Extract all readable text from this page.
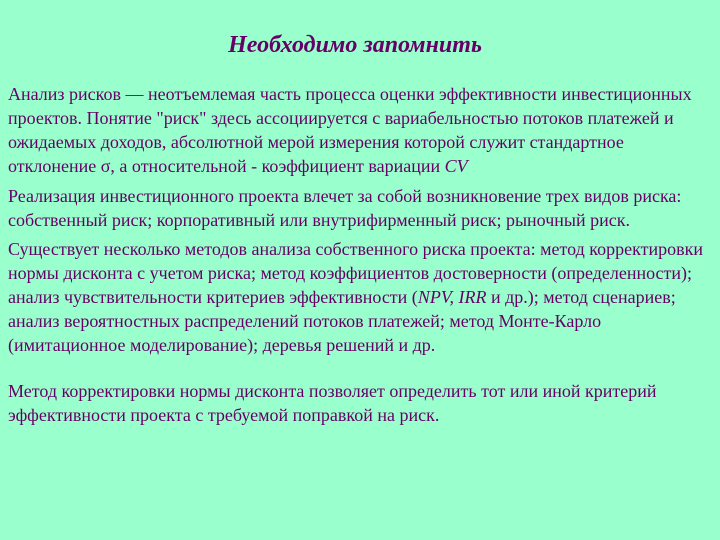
Необходимо запомнить

Анализ рисков — неотъемлемая часть процесса оценки эффективности инвестиционных проектов. Понятие "риск" здесь ассоциируется с вариабельностью потоков платежей и ожидаемых доходов, абсолютной мерой измерения которой служит стандартное отклонение σ, а относительной - коэффициент вариации CV

Реализация инвестиционного проекта влечет за собой возникновение трех видов риска: собственный риск; корпоративный или внутрифирменный риск; рыночный риск.

Существует несколько методов анализа собственного риска проекта: метод корректировки нормы дисконта с учетом риска; метод коэффициентов достоверности (определенности); анализ чувствительности критериев эффективности (NPV, IRR и др.); метод сценариев; анализ вероятностных распределений потоков платежей; метод Монте-Карло (имитационное моделирование); деревья решений и др.

Метод корректировки нормы дисконта позволяет определить тот или иной критерий эффективности проекта с требуемой поправкой на риск.
